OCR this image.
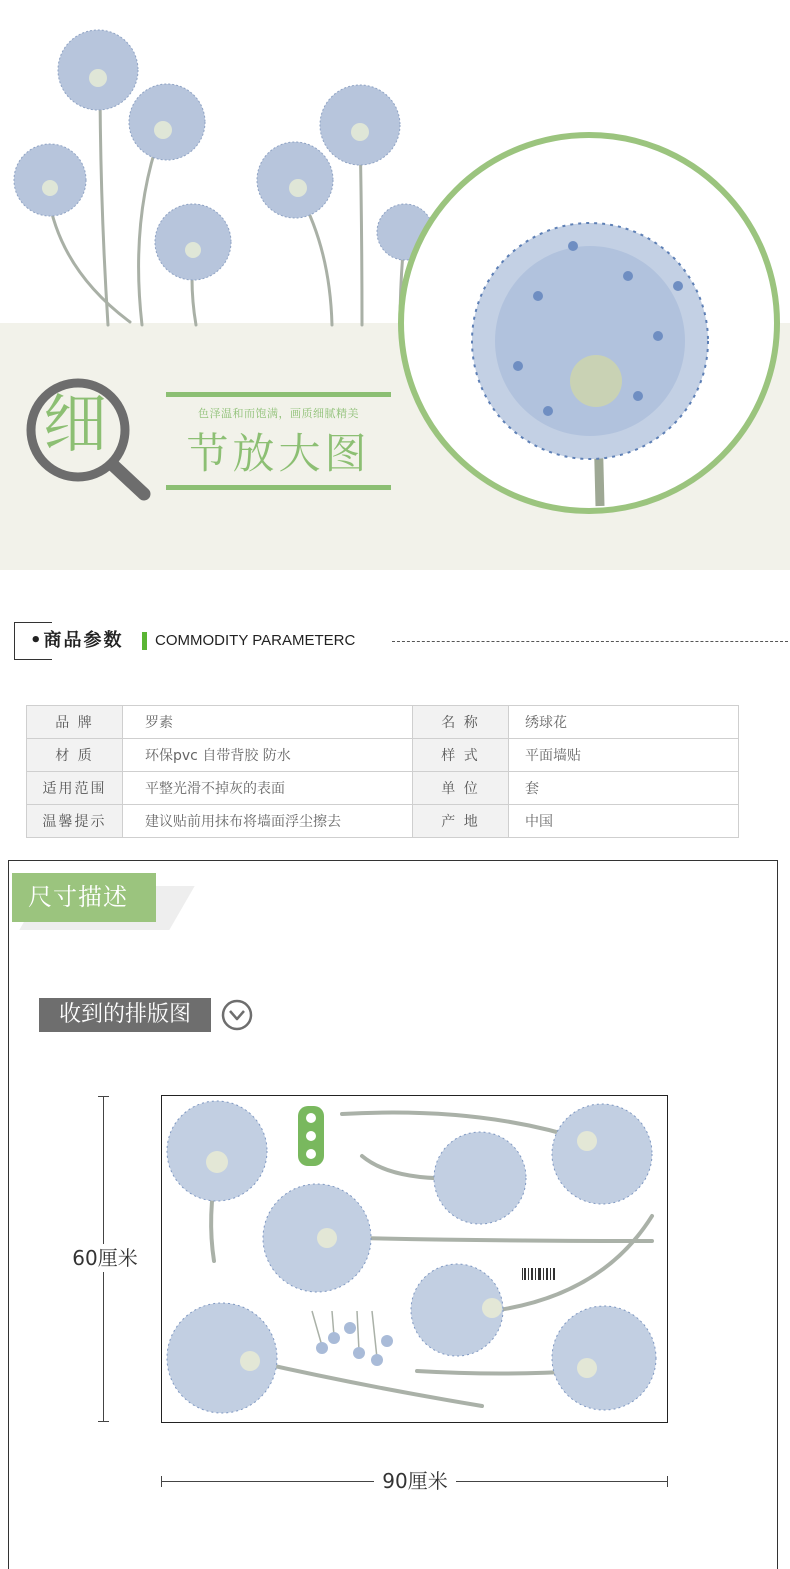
细	色泽温和而饱满，画质细腻精美
节放大图
•商品参数 COMMODITY PARAMETERC
品 牌	罗素	名 称	绣球花
材 质	环保pvc 自带背胶 防水	样 式	平面墙贴
适用范围	平整光滑不掉灰的表面	单 位	套
温馨提示	建议贴前用抹布将墙面浮尘擦去	产 地	中国
尺寸描述
收到的排版图
60厘米
90厘米
